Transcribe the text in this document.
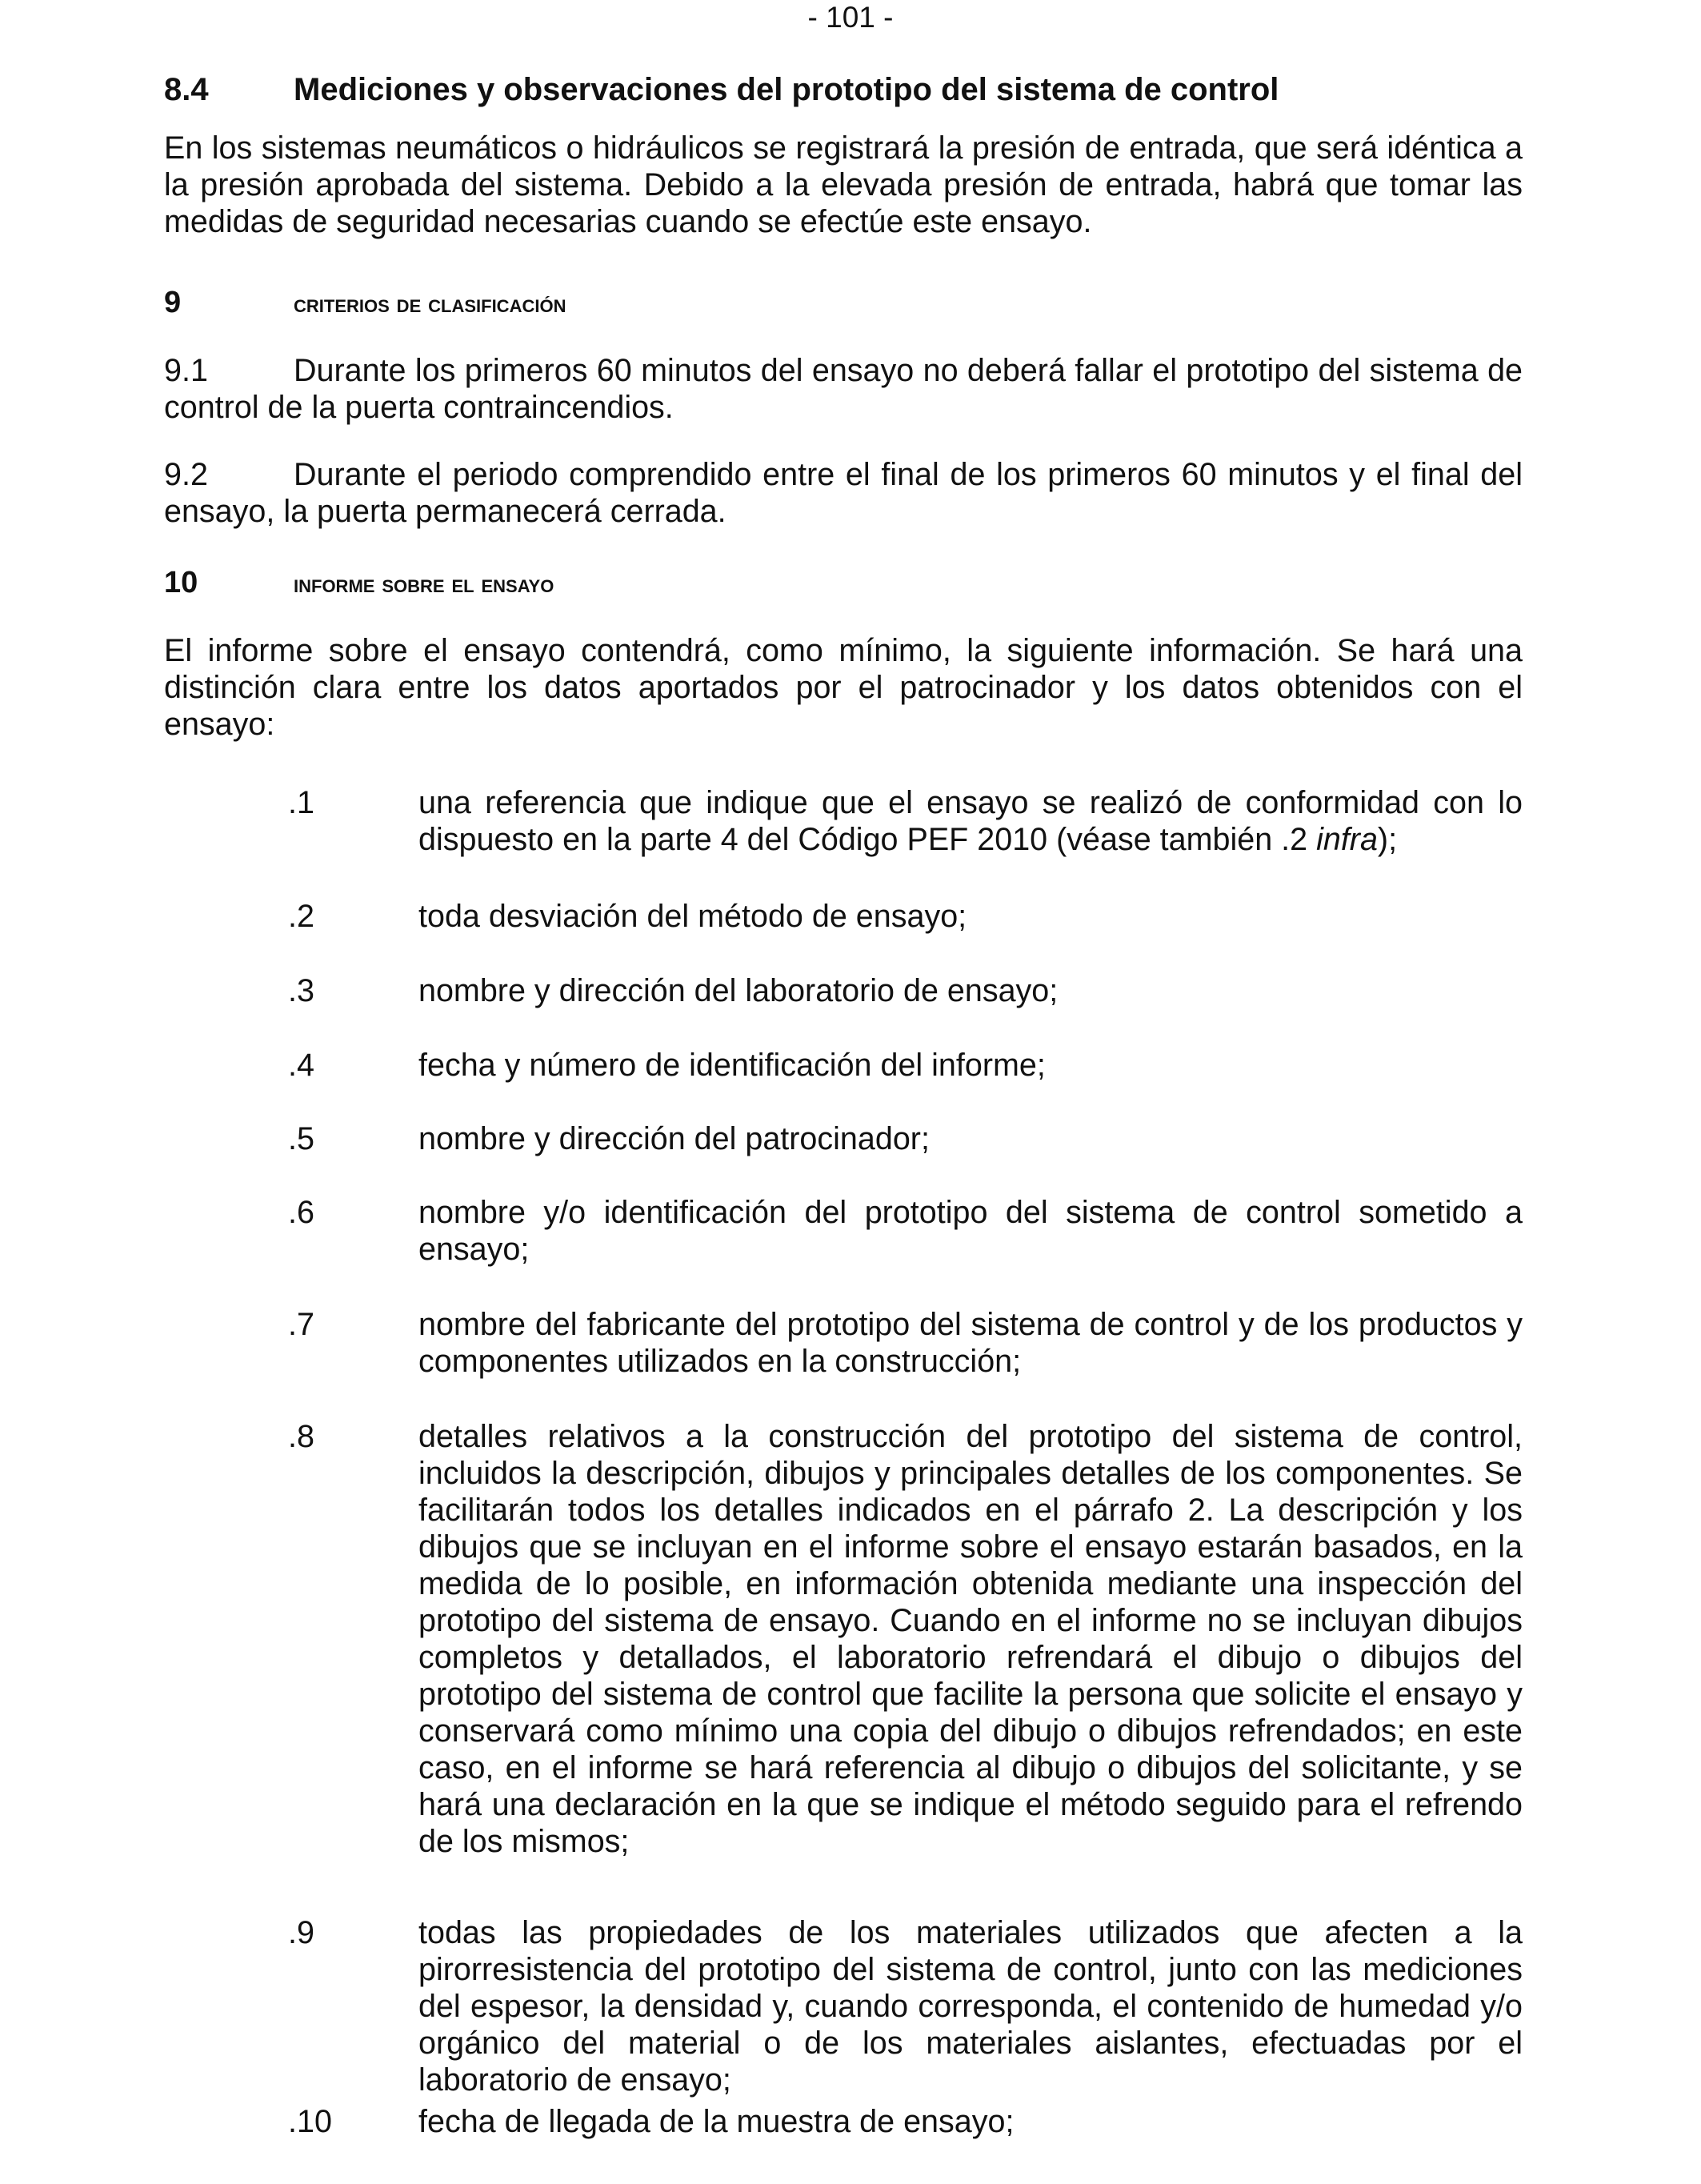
- 101 -
8.4	Mediciones y observaciones del prototipo del sistema de control
En los sistemas neumáticos o hidráulicos se registrará la presión de entrada, que será idéntica a la presión aprobada del sistema. Debido a la elevada presión de entrada, habrá que tomar las medidas de seguridad necesarias cuando se efectúe este ensayo.
9	criterios de clasificación
9.1	Durante los primeros 60 minutos del ensayo no deberá fallar el prototipo del sistema de control de la puerta contraincendios.
9.2	Durante el periodo comprendido entre el final de los primeros 60 minutos y el final del ensayo, la puerta permanecerá cerrada.
10	informe sobre el ensayo
El informe sobre el ensayo contendrá, como mínimo, la siguiente información. Se hará una distinción clara entre los datos aportados por el patrocinador y los datos obtenidos con el ensayo:
.1	una referencia que indique que el ensayo se realizó de conformidad con lo dispuesto en la parte 4 del Código PEF 2010 (véase también .2 infra);
.2	toda desviación del método de ensayo;
.3	nombre y dirección del laboratorio de ensayo;
.4	fecha y número de identificación del informe;
.5	nombre y dirección del patrocinador;
.6	nombre y/o identificación del prototipo del sistema de control sometido a ensayo;
.7	nombre del fabricante del prototipo del sistema de control y de los productos y componentes utilizados en la construcción;
.8	detalles relativos a la construcción del prototipo del sistema de control, incluidos la descripción, dibujos y principales detalles de los componentes. Se facilitarán todos los detalles indicados en el párrafo 2. La descripción y los dibujos que se incluyan en el informe sobre el ensayo estarán basados, en la medida de lo posible, en información obtenida mediante una inspección del prototipo del sistema de ensayo. Cuando en el informe no se incluyan dibujos completos y detallados, el laboratorio refrendará el dibujo o dibujos del prototipo del sistema de control que facilite la persona que solicite el ensayo y conservará como mínimo una copia del dibujo o dibujos refrendados; en este caso, en el informe se hará referencia al dibujo o dibujos del solicitante, y se hará una declaración en la que se indique el método seguido para el refrendo de los mismos;
.9	todas las propiedades de los materiales utilizados que afecten a la pirorresistencia del prototipo del sistema de control, junto con las mediciones del espesor, la densidad y, cuando corresponda, el contenido de humedad y/o orgánico del material o de los materiales aislantes, efectuadas por el laboratorio de ensayo;
.10	fecha de llegada de la muestra de ensayo;
